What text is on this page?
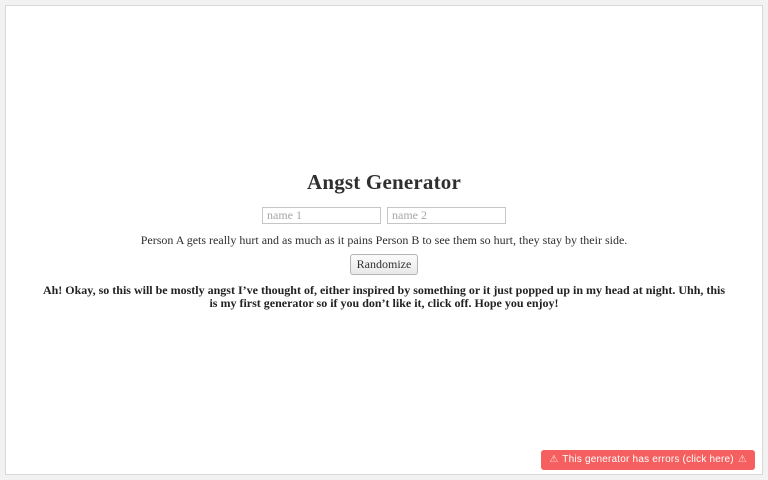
Angst Generator
name 1 name 2
Person A gets really hurt and as much as it pains Person B to see them so hurt, they stay by their side.
Randomize

Ah! Okay, so this will be mostly angst I’ve thought of, either inspired by something or it just popped up in my head at night. Uhh, this is my first generator so if you don’t like it, click off. Hope you enjoy!

⚠ This generator has errors (click here) ⚠
